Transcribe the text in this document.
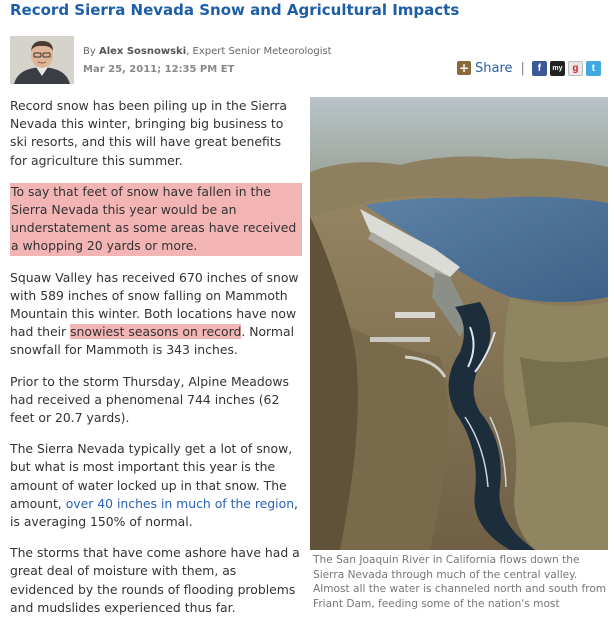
Record Sierra Nevada Snow and Agricultural Impacts
By Alex Sosnowski, Expert Senior Meteorologist
Mar 25, 2011; 12:35 PM ET	+ Share |	f	my g	t

Record snow has been piling up in the Sierra Nevada this winter, bringing big business to ski resorts, and this will have great benefits for agriculture this summer.

To say that feet of snow have fallen in the Sierra Nevada this year would be an understatement as some areas have received a whopping 20 yards or more.

Squaw Valley has received 670 inches of snow with 589 inches of snow falling on Mammoth Mountain this winter. Both locations have now had their snowiest seasons on record. Normal snowfall for Mammoth is 343 inches.

Prior to the storm Thursday, Alpine Meadows had received a phenomenal 744 inches (62 feet or 20.7 yards).

The Sierra Nevada typically get a lot of snow, but what is most important this year is the amount of water locked up in that snow. The amount, over 40 inches in much of the region, is averaging 150% of normal.

The storms that have come ashore have had a great deal of moisture with them, as evidenced by the rounds of flooding problems and mudslides experienced thus far.

The San Joaquin River in California flows down the Sierra Nevada through much of the central valley. Almost all the water is channeled north and south from Friant Dam, feeding some of the nation's most
